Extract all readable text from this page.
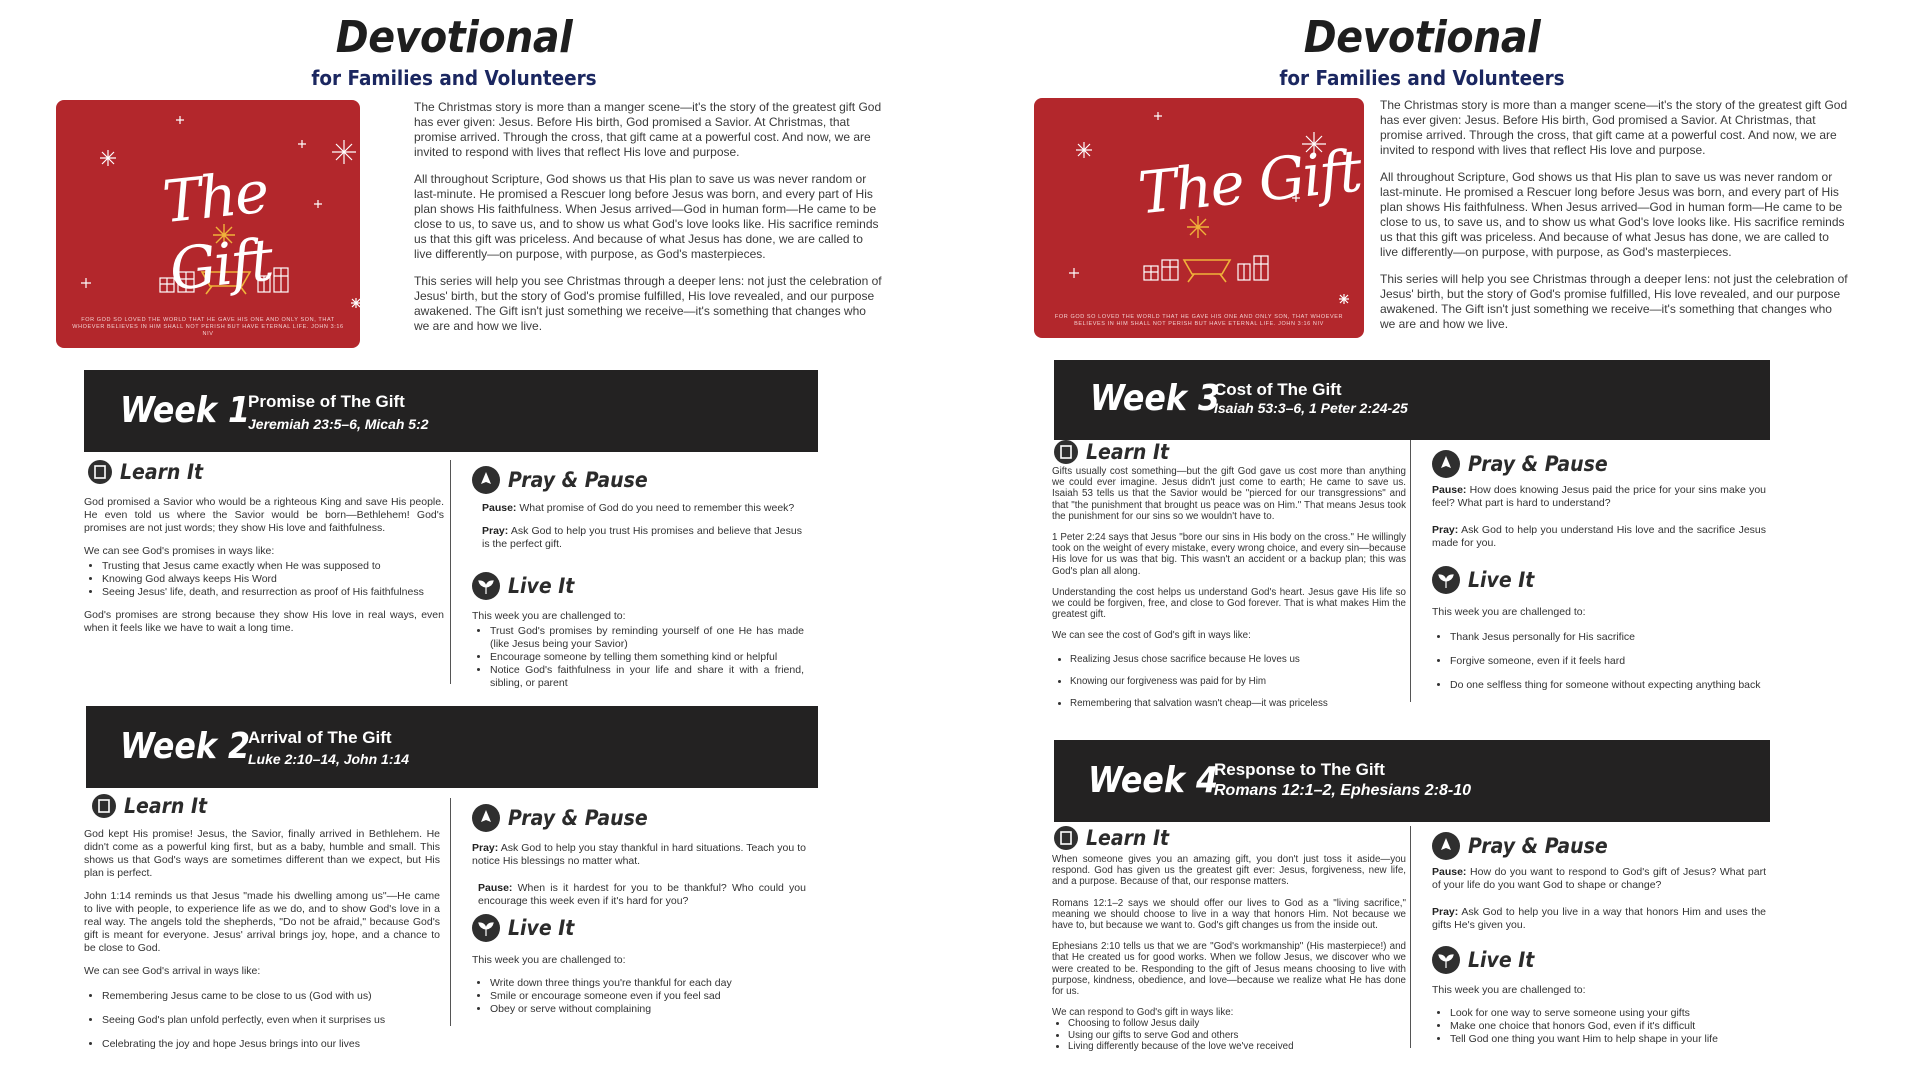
Devotional
for Families and Volunteers
The Gift
FOR GOD SO LOVED THE WORLD THAT HE GAVE HIS ONE AND ONLY SON, THAT WHOEVER BELIEVES IN HIM SHALL NOT PERISH BUT HAVE ETERNAL LIFE. JOHN 3:16 NIV

The Christmas story is more than a manger scene—it's the story of the greatest gift God has ever given: Jesus. Before His birth, God promised a Savior. At Christmas, that promise arrived. Through the cross, that gift came at a powerful cost. And now, we are invited to respond with lives that reflect His love and purpose.

All throughout Scripture, God shows us that His plan to save us was never random or last-minute. He promised a Rescuer long before Jesus was born, and every part of His plan shows His faithfulness. When Jesus arrived—God in human form—He came to be close to us, to save us, and to show us what God's love looks like. His sacrifice reminds us that this gift was priceless. And because of what Jesus has done, we are called to live differently—on purpose, with purpose, as God's masterpieces.

This series will help you see Christmas through a deeper lens: not just the celebration of Jesus' birth, but the story of God's promise fulfilled, His love revealed, and our purpose awakened. The Gift isn't just something we receive—it's something that changes who we are and how we live.

Week 1
Promise of The Gift
Jeremiah 23:5–6, Micah 5:2
Learn It

God promised a Savior who would be a righteous King and save His people. He even told us where the Savior would be born—Bethlehem! God's promises are not just words; they show His love and faithfulness.

We can see God's promises in ways like:

• Trusting that Jesus came exactly when He was supposed to
• Knowing God always keeps His Word
• Seeing Jesus' life, death, and resurrection as proof of His faithfulness

God's promises are strong because they show His love in real ways, even when it feels like we have to wait a long time.

Pray & Pause

Pause: What promise of God do you need to remember this week?

Pray: Ask God to help you trust His promises and believe that Jesus is the perfect gift.

Live It

This week you are challenged to:

• Trust God's promises by reminding yourself of one He has made (like Jesus being your Savior)
• Encourage someone by telling them something kind or helpful
• Notice God's faithfulness in your life and share it with a friend, sibling, or parent
Week 2
Arrival of The Gift
Luke 2:10–14, John 1:14
Learn It

God kept His promise! Jesus, the Savior, finally arrived in Bethlehem. He didn't come as a powerful king first, but as a baby, humble and small. This shows us that God's ways are sometimes different than we expect, but His plan is perfect.

John 1:14 reminds us that Jesus "made his dwelling among us"—He came to live with people, to experience life as we do, and to show God's love in a real way. The angels told the shepherds, "Do not be afraid," because God's gift is meant for everyone. Jesus' arrival brings joy, hope, and a chance to be close to God.

We can see God's arrival in ways like:

• Remembering Jesus came to be close to us (God with us)
• Seeing God's plan unfold perfectly, even when it surprises us
• Celebrating the joy and hope Jesus brings into our lives
Pray & Pause

Pray: Ask God to help you stay thankful in hard situations. Teach you to notice His blessings no matter what.

Pause: When is it hardest for you to be thankful? Who could you encourage this week even if it's hard for you?

Live It

This week you are challenged to:

• Write down three things you're thankful for each day
• Smile or encourage someone even if you feel sad
• Obey or serve without complaining
Devotional
for Families and Volunteers
The Gift
FOR GOD SO LOVED THE WORLD THAT HE GAVE HIS ONE AND ONLY SON, THAT WHOEVER BELIEVES IN HIM SHALL NOT PERISH BUT HAVE ETERNAL LIFE. JOHN 3:16 NIV

The Christmas story is more than a manger scene—it's the story of the greatest gift God has ever given: Jesus. Before His birth, God promised a Savior. At Christmas, that promise arrived. Through the cross, that gift came at a powerful cost. And now, we are invited to respond with lives that reflect His love and purpose.

All throughout Scripture, God shows us that His plan to save us was never random or last-minute. He promised a Rescuer long before Jesus was born, and every part of His plan shows His faithfulness. When Jesus arrived—God in human form—He came to be close to us, to save us, and to show us what God's love looks like. His sacrifice reminds us that this gift was priceless. And because of what Jesus has done, we are called to live differently—on purpose, with purpose, as God's masterpieces.

This series will help you see Christmas through a deeper lens: not just the celebration of Jesus' birth, but the story of God's promise fulfilled, His love revealed, and our purpose awakened. The Gift isn't just something we receive—it's something that changes who we are and how we live.

Week 3
Cost of The Gift
Isaiah 53:3–6, 1 Peter 2:24-25
Learn It

Gifts usually cost something—but the gift God gave us cost more than anything we could ever imagine. Jesus didn't just come to earth; He came to save us. Isaiah 53 tells us that the Savior would be "pierced for our transgressions" and that "the punishment that brought us peace was on Him." That means Jesus took the punishment for our sins so we wouldn't have to.

1 Peter 2:24 says that Jesus "bore our sins in His body on the cross." He willingly took on the weight of every mistake, every wrong choice, and every sin—because His love for us was that big. This wasn't an accident or a backup plan; this was God's plan all along.

Understanding the cost helps us understand God's heart. Jesus gave His life so we could be forgiven, free, and close to God forever. That is what makes Him the greatest gift.

We can see the cost of God's gift in ways like:

• Realizing Jesus chose sacrifice because He loves us
• Knowing our forgiveness was paid for by Him
• Remembering that salvation wasn't cheap—it was priceless
Pray & Pause

Pause: How does knowing Jesus paid the price for your sins make you feel? What part is hard to understand?

Pray: Ask God to help you understand His love and the sacrifice Jesus made for you.

Live It

This week you are challenged to:

• Thank Jesus personally for His sacrifice
• Forgive someone, even if it feels hard
• Do one selfless thing for someone without expecting anything back
Week 4
Response to The Gift
Romans 12:1–2, Ephesians 2:8-10
Learn It

When someone gives you an amazing gift, you don't just toss it aside—you respond. God has given us the greatest gift ever: Jesus, forgiveness, new life, and a purpose. Because of that, our response matters.

Romans 12:1–2 says we should offer our lives to God as a "living sacrifice," meaning we should choose to live in a way that honors Him. Not because we have to, but because we want to. God's gift changes us from the inside out.

Ephesians 2:10 tells us that we are "God's workmanship" (His masterpiece!) and that He created us for good works. When we follow Jesus, we discover who we were created to be. Responding to the gift of Jesus means choosing to live with purpose, kindness, obedience, and love—because we realize what He has done for us.

We can respond to God's gift in ways like:

• Choosing to follow Jesus daily
• Using our gifts to serve God and others
• Living differently because of the love we've received
Pray & Pause

Pause: How do you want to respond to God's gift of Jesus? What part of your life do you want God to shape or change?

Pray: Ask God to help you live in a way that honors Him and uses the gifts He's given you.

Live It

This week you are challenged to:

• Look for one way to serve someone using your gifts
• Make one choice that honors God, even if it's difficult
• Tell God one thing you want Him to help shape in your life
